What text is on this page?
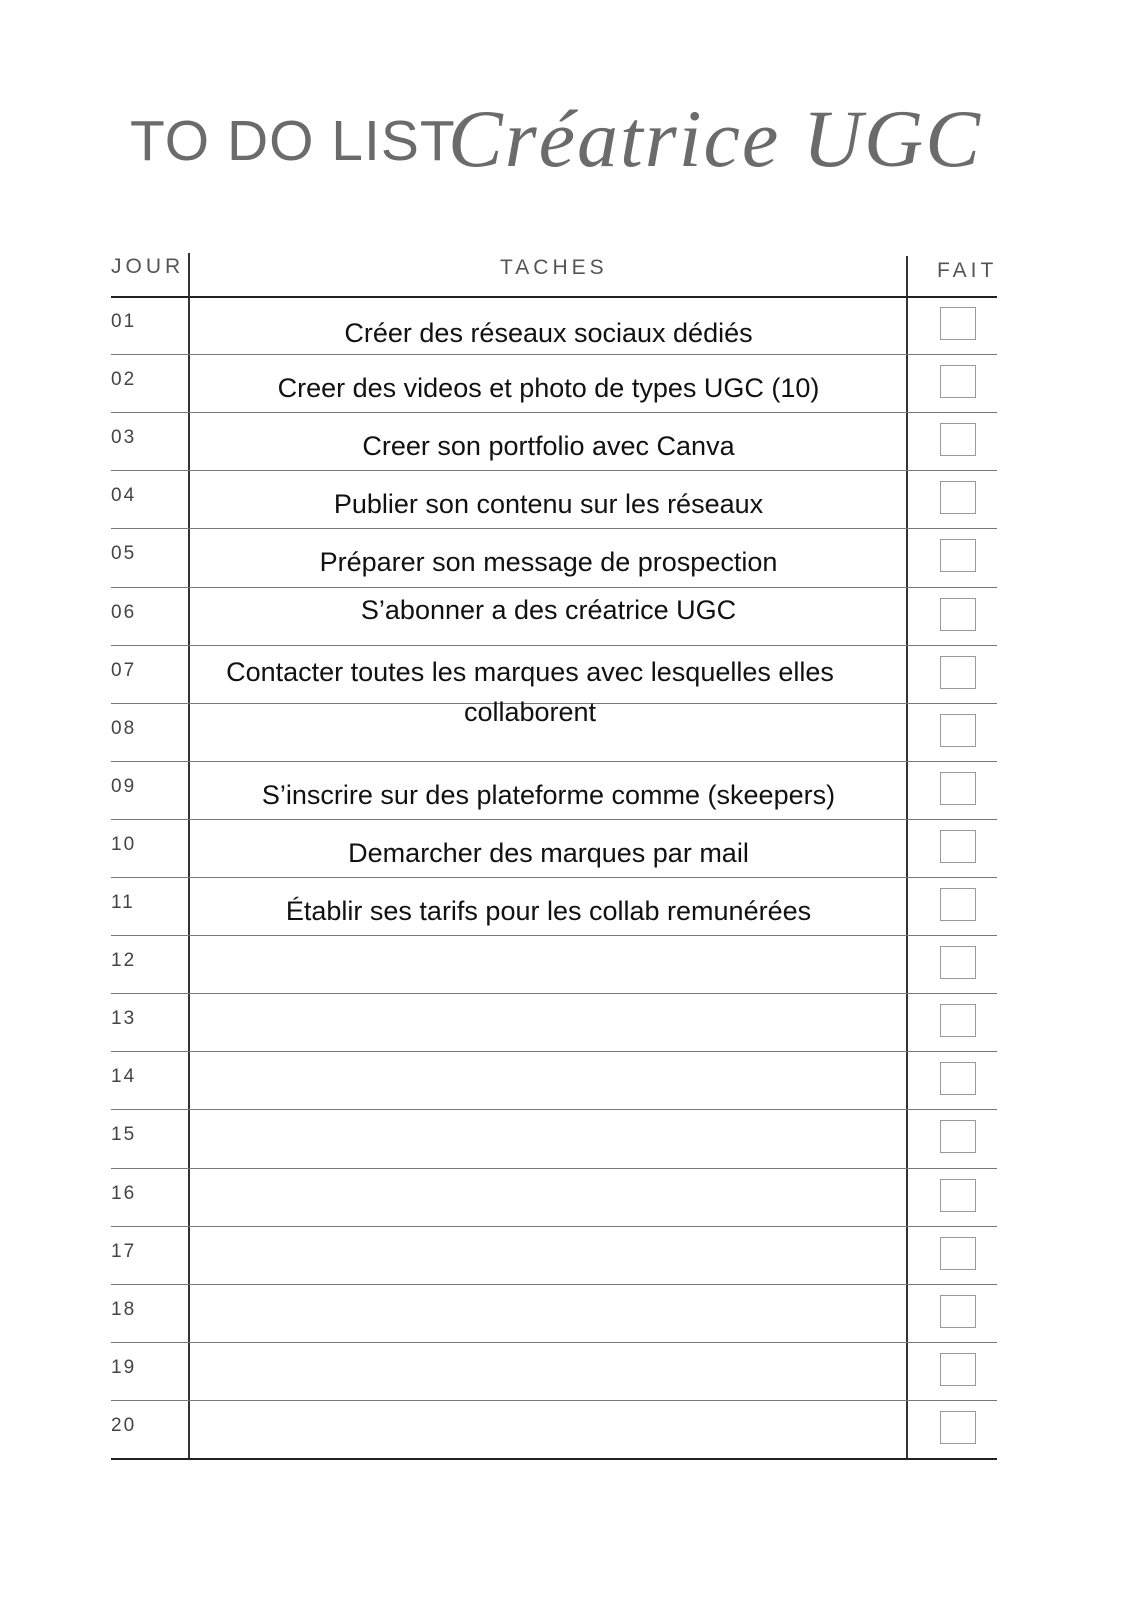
TO DO LIST
Créatrice UGC
JOUR	TACHES	FAIT
01	Créer des réseaux sociaux dédiés
02	Creer des videos et photo de types UGC (10)
03	Creer son portfolio avec Canva
04	Publier son contenu sur les réseaux
05	Préparer son message de prospection
06	S’abonner a des créatrice UGC
07	Contacter toutes les marques avec lesquelles elles collaborent
08
09	S’inscrire sur des plateforme comme (skeepers)
10	Demarcher des marques par mail
11	Établir ses tarifs pour les collab remunérées
12
13
14
15
16
17
18
19
20
